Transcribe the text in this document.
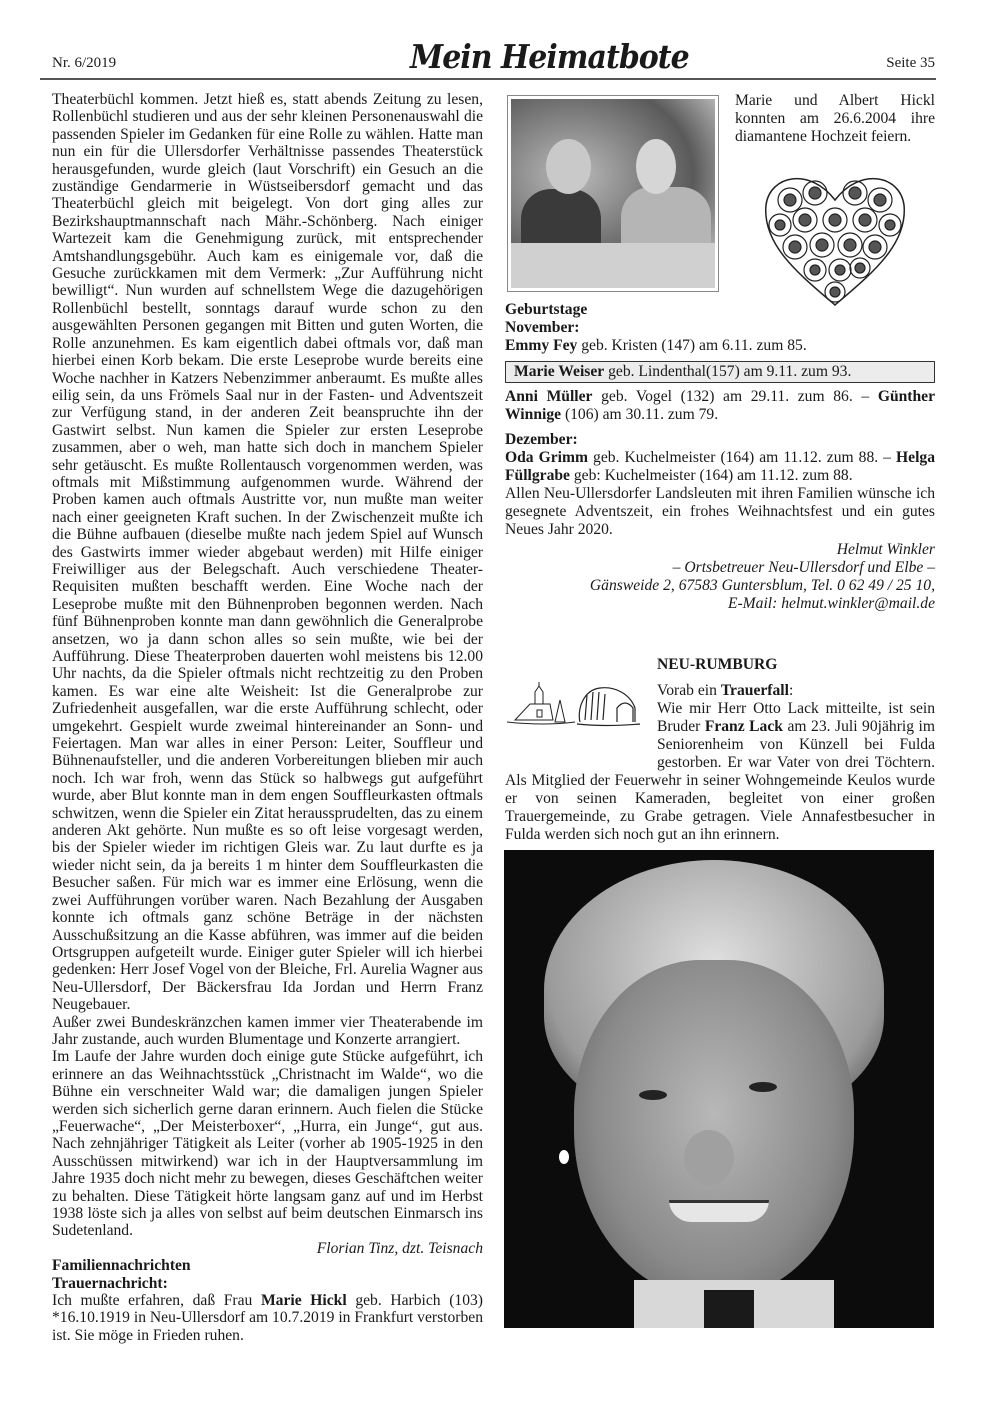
Nr. 6/2019	Mein Heimatbote	Seite 35

Theaterbüchl kommen. Jetzt hieß es, statt abends Zeitung zu lesen, Rollenbüchl studieren und aus der sehr kleinen Personenauswahl die passenden Spieler im Gedanken für eine Rolle zu wählen. Hatte man nun ein für die Ullersdorfer Verhältnisse passendes Theaterstück herausgefunden, wurde gleich (laut Vorschrift) ein Gesuch an die zuständige Gendarmerie in Wüstseibersdorf gemacht und das Theaterbüchl gleich mit beigelegt. Von dort ging alles zur Bezirkshauptmannschaft nach Mähr.-Schönberg. Nach einiger Wartezeit kam die Genehmigung zurück, mit entsprechender Amtshandlungsgebühr. Auch kam es einigemale vor, daß die Gesuche zurückkamen mit dem Vermerk: „Zur Aufführung nicht bewilligt“. Nun wurden auf schnellstem Wege die dazugehörigen Rollenbüchl bestellt, sonntags darauf wurde schon zu den ausgewählten Personen gegangen mit Bitten und guten Worten, die Rolle anzunehmen. Es kam eigentlich dabei oftmals vor, daß man hierbei einen Korb bekam. Die erste Leseprobe wurde bereits eine Woche nachher in Katzers Nebenzimmer anberaumt. Es mußte alles eilig sein, da uns Frömels Saal nur in der Fasten- und Adventszeit zur Verfügung stand, in der anderen Zeit beanspruchte ihn der Gastwirt selbst. Nun kamen die Spieler zur ersten Leseprobe zusammen, aber o weh, man hatte sich doch in manchem Spieler sehr getäuscht. Es mußte Rollentausch vorgenommen werden, was oftmals mit Mißstimmung aufgenommen wurde. Während der Proben kamen auch oftmals Austritte vor, nun mußte man weiter nach einer geeigneten Kraft suchen. In der Zwischenzeit mußte ich die Bühne aufbauen (dieselbe mußte nach jedem Spiel auf Wunsch des Gastwirts immer wieder abgebaut werden) mit Hilfe einiger Freiwilliger aus der Belegschaft. Auch verschiedene Theater-Requisiten mußten beschafft werden. Eine Woche nach der Leseprobe mußte mit den Bühnenproben begonnen werden. Nach fünf Bühnenproben konnte man dann gewöhnlich die Generalprobe ansetzen, wo ja dann schon alles so sein mußte, wie bei der Aufführung. Diese Theaterproben dauerten wohl meistens bis 12.00 Uhr nachts, da die Spieler oftmals nicht rechtzeitig zu den Proben kamen. Es war eine alte Weisheit: Ist die Generalprobe zur Zufriedenheit ausgefallen, war die erste Aufführung schlecht, oder umgekehrt. Gespielt wurde zweimal hintereinander an Sonn- und Feiertagen. Man war alles in einer Person: Leiter, Souffleur und Bühnenaufsteller, und die anderen Vorbereitungen blieben mir auch noch. Ich war froh, wenn das Stück so halbwegs gut aufgeführt wurde, aber Blut konnte man in dem engen Souffleurkasten oftmals schwitzen, wenn die Spieler ein Zitat heraussprudelten, das zu einem anderen Akt gehörte. Nun mußte es so oft leise vorgesagt werden, bis der Spieler wieder im richtigen Gleis war. Zu laut durfte es ja wieder nicht sein, da ja bereits 1 m hinter dem Souffleurkasten die Besucher saßen. Für mich war es immer eine Erlösung, wenn die zwei Aufführungen vorüber waren. Nach Bezahlung der Ausgaben konnte ich oftmals ganz schöne Beträge in der nächsten Ausschußsitzung an die Kasse abführen, was immer auf die beiden Ortsgruppen aufgeteilt wurde. Einiger guter Spieler will ich hierbei gedenken: Herr Josef Vogel von der Bleiche, Frl. Aurelia Wagner aus Neu-Ullersdorf, Der Bäckersfrau Ida Jordan und Herrn Franz Neugebauer.

Außer zwei Bundeskränzchen kamen immer vier Theaterabende im Jahr zustande, auch wurden Blumentage und Konzerte arrangiert.

Im Laufe der Jahre wurden doch einige gute Stücke aufgeführt, ich erinnere an das Weihnachtsstück „Christnacht im Walde“, wo die Bühne ein verschneiter Wald war; die damaligen jungen Spieler werden sich sicherlich gerne daran erinnern. Auch fielen die Stücke „Feuerwache“, „Der Meisterboxer“, „Hurra, ein Junge“, gut aus. Nach zehnjähriger Tätigkeit als Leiter (vorher ab 1905-1925 in den Ausschüssen mitwirkend) war ich in der Hauptversammlung im Jahre 1935 doch nicht mehr zu bewegen, dieses Geschäftchen weiter zu behalten. Diese Tätigkeit hörte langsam ganz auf und im Herbst 1938 löste sich ja alles von selbst auf beim deutschen Einmarsch ins Sudetenland.

Florian Tinz, dzt. Teisnach

Familiennachrichten

Trauernachricht:

Ich mußte erfahren, daß Frau Marie Hickl geb. Harbich (103) *16.10.1919 in Neu-Ullersdorf am 10.7.2019 in Frankfurt verstorben ist. Sie möge in Frieden ruhen.

Marie und Albert Hickl konnten am 26.6.2004 ihre diamantene Hochzeit feiern.
Geburtstage
November:
Emmy Fey geb. Kristen (147) am 6.11. zum 85.
Marie Weiser geb. Lindenthal(157) am 9.11. zum 93.
Anni Müller geb. Vogel (132) am 29.11. zum 86. – Günther Winnige (106) am 30.11. zum 79.
Dezember:
Oda Grimm geb. Kuchelmeister (164) am 11.12. zum 88. – Helga Füllgrabe geb: Kuchelmeister (164) am 11.12. zum 88.
Allen Neu-Ullersdorfer Landsleuten mit ihren Familien wünsche ich gesegnete Adventszeit, ein frohes Weihnachtsfest und ein gutes Neues Jahr 2020.
Helmut Winkler
– Ortsbetreuer Neu-Ullersdorf und Elbe –
Gänsweide 2, 67583 Guntersblum, Tel. 0 62 49 / 25 10,
E-Mail: helmut.winkler@mail.de
NEU-RUMBURG
Vorab ein Trauerfall:
Wie mir Herr Otto Lack mitteilte, ist sein Bruder Franz Lack am 23. Juli 90jährig im Seniorenheim von Künzell bei Fulda gestorben. Er war Vater von drei Töchtern. Als Mitglied der Feuerwehr in seiner Wohngemeinde Keulos wurde er von seinen Kameraden, begleitet von einer großen Trauergemeinde, zu Grabe getragen. Viele Annafestbesucher in Fulda werden sich noch gut an ihn erinnern.
